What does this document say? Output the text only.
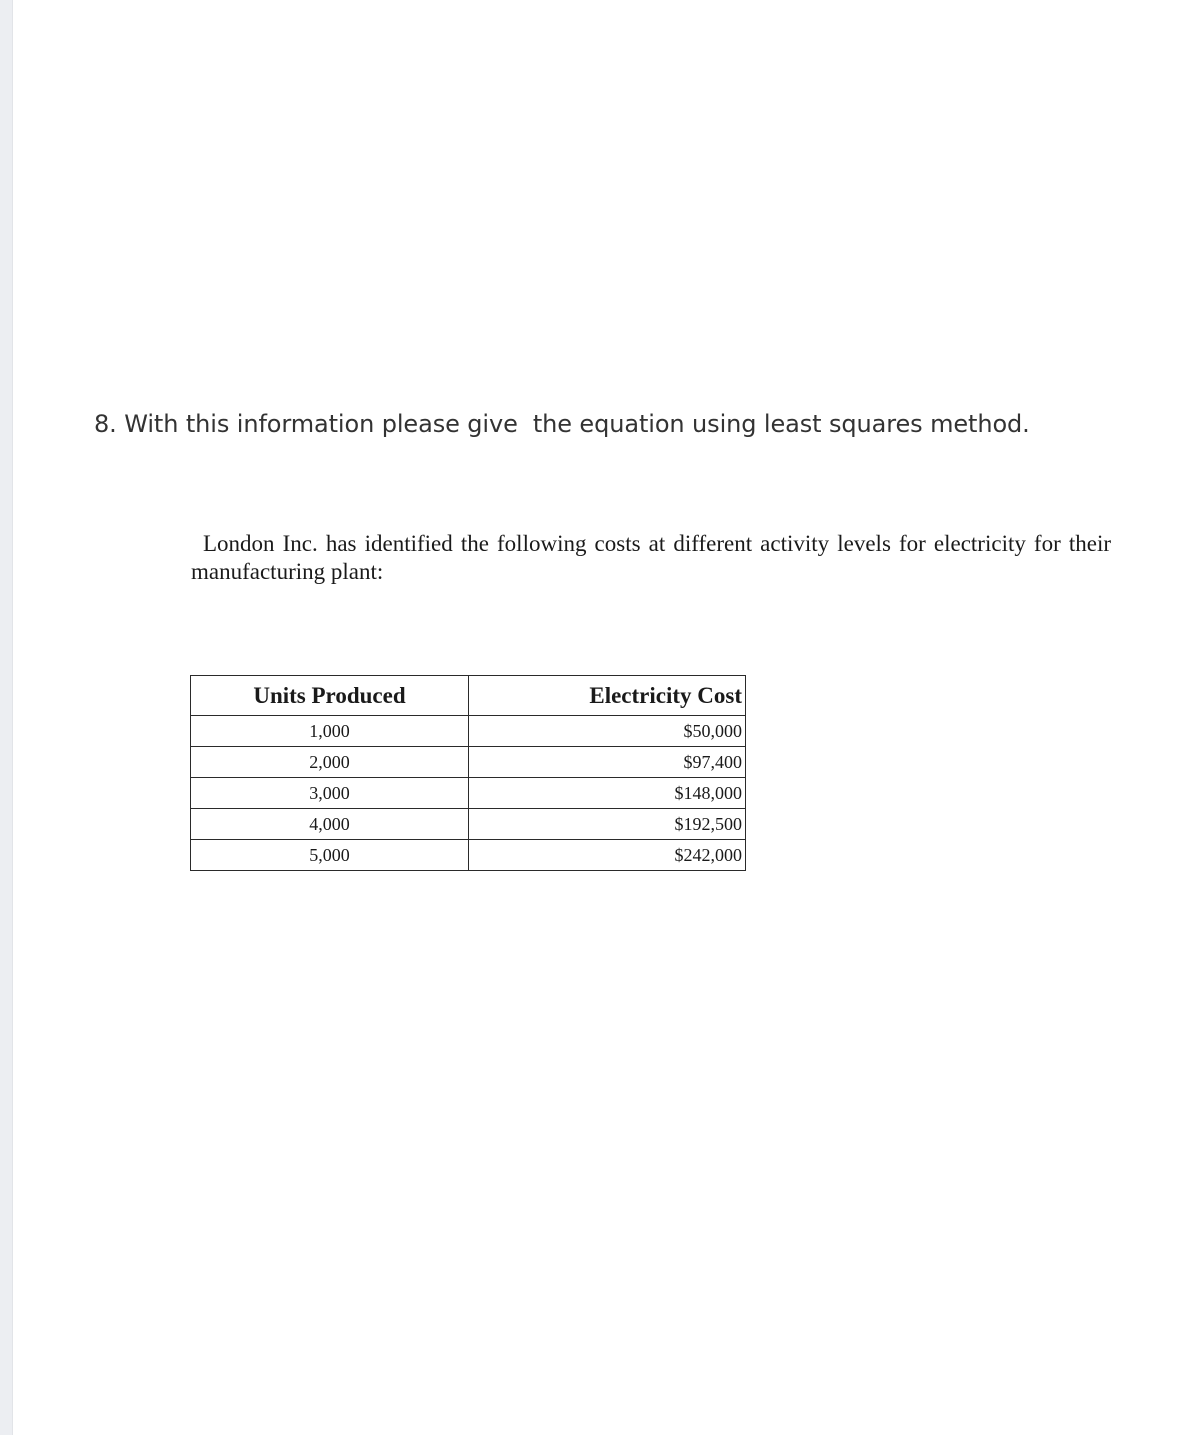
8. With this information please give  the equation using least squares method.
London Inc. has identified the following costs at different activity levels for electricity for their manufacturing plant:
Units Produced	Electricity Cost
1,000	$50,000
2,000	$97,400
3,000	$148,000
4,000	$192,500
5,000	$242,000
